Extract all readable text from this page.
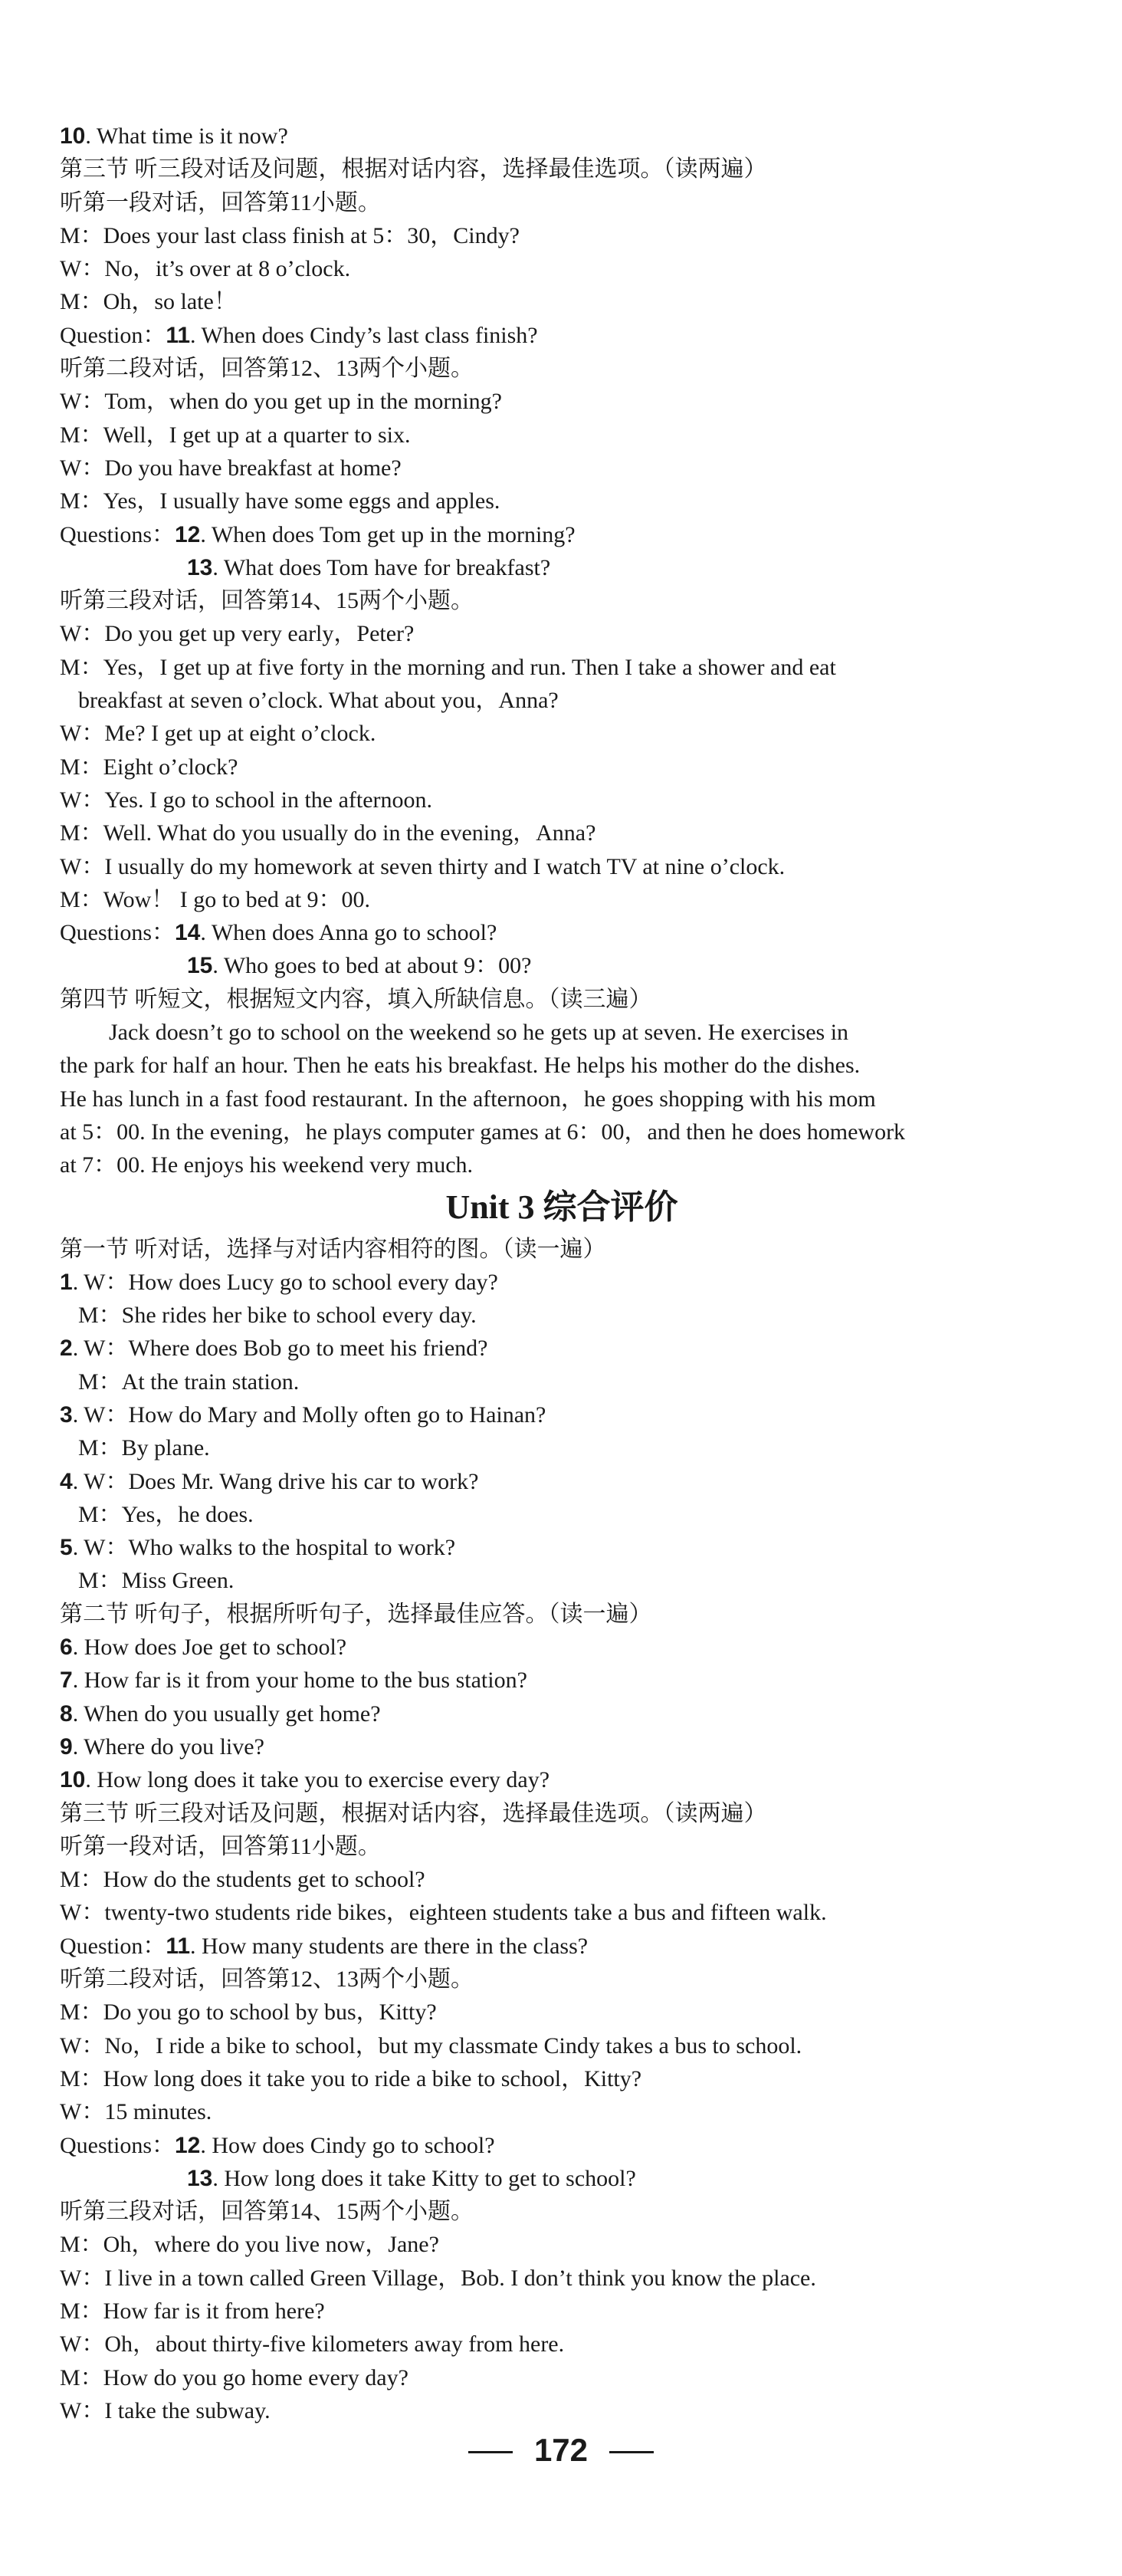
10. What time is it now?
第三节 听三段对话及问题，根据对话内容，选择最佳选项。（读两遍）
听第一段对话，回答第11小题。
M：Does your last class finish at 5：30，Cindy?
W：No，it’s over at 8 o’clock.
M：Oh，so late！
Question：11. When does Cindy’s last class finish?
听第二段对话，回答第12、13两个小题。
W：Tom，when do you get up in the morning?
M：Well，I get up at a quarter to six.
W：Do you have breakfast at home?
M：Yes，I usually have some eggs and apples.
Questions：12. When does Tom get up in the morning?
13. What does Tom have for breakfast?
听第三段对话，回答第14、15两个小题。
W：Do you get up very early，Peter?
M：Yes，I get up at five forty in the morning and run. Then I take a shower and eat
breakfast at seven o’clock. What about you，Anna?
W：Me? I get up at eight o’clock.
M：Eight o’clock?
W：Yes. I go to school in the afternoon.
M：Well. What do you usually do in the evening，Anna?
W：I usually do my homework at seven thirty and I watch TV at nine o’clock.
M：Wow！ I go to bed at 9：00.
Questions：14. When does Anna go to school?
15. Who goes to bed at about 9：00?
第四节 听短文，根据短文内容，填入所缺信息。（读三遍）
Jack doesn’t go to school on the weekend so he gets up at seven. He exercises in
the park for half an hour. Then he eats his breakfast. He helps his mother do the dishes.
He has lunch in a fast food restaurant. In the afternoon，he goes shopping with his mom
at 5：00. In the evening，he plays computer games at 6：00，and then he does homework
at 7：00. He enjoys his weekend very much.
Unit 3 综合评价
第一节 听对话，选择与对话内容相符的图。（读一遍）
1. W：How does Lucy go to school every day?
M：She rides her bike to school every day.
2. W：Where does Bob go to meet his friend?
M：At the train station.
3. W：How do Mary and Molly often go to Hainan?
M：By plane.
4. W：Does Mr. Wang drive his car to work?
M：Yes，he does.
5. W：Who walks to the hospital to work?
M：Miss Green.
第二节 听句子，根据所听句子，选择最佳应答。（读一遍）
6. How does Joe get to school?
7. How far is it from your home to the bus station?
8. When do you usually get home?
9. Where do you live?
10. How long does it take you to exercise every day?
第三节 听三段对话及问题，根据对话内容，选择最佳选项。（读两遍）
听第一段对话，回答第11小题。
M：How do the students get to school?
W：twenty-two students ride bikes，eighteen students take a bus and fifteen walk.
Question：11. How many students are there in the class?
听第二段对话，回答第12、13两个小题。
M：Do you go to school by bus，Kitty?
W：No，I ride a bike to school，but my classmate Cindy takes a bus to school.
M：How long does it take you to ride a bike to school，Kitty?
W：15 minutes.
Questions：12. How does Cindy go to school?
13. How long does it take Kitty to get to school?
听第三段对话，回答第14、15两个小题。
M：Oh，where do you live now，Jane?
W：I live in a town called Green Village，Bob. I don’t think you know the place.
M：How far is it from here?
W：Oh，about thirty-five kilometers away from here.
M：How do you go home every day?
W：I take the subway.
172
